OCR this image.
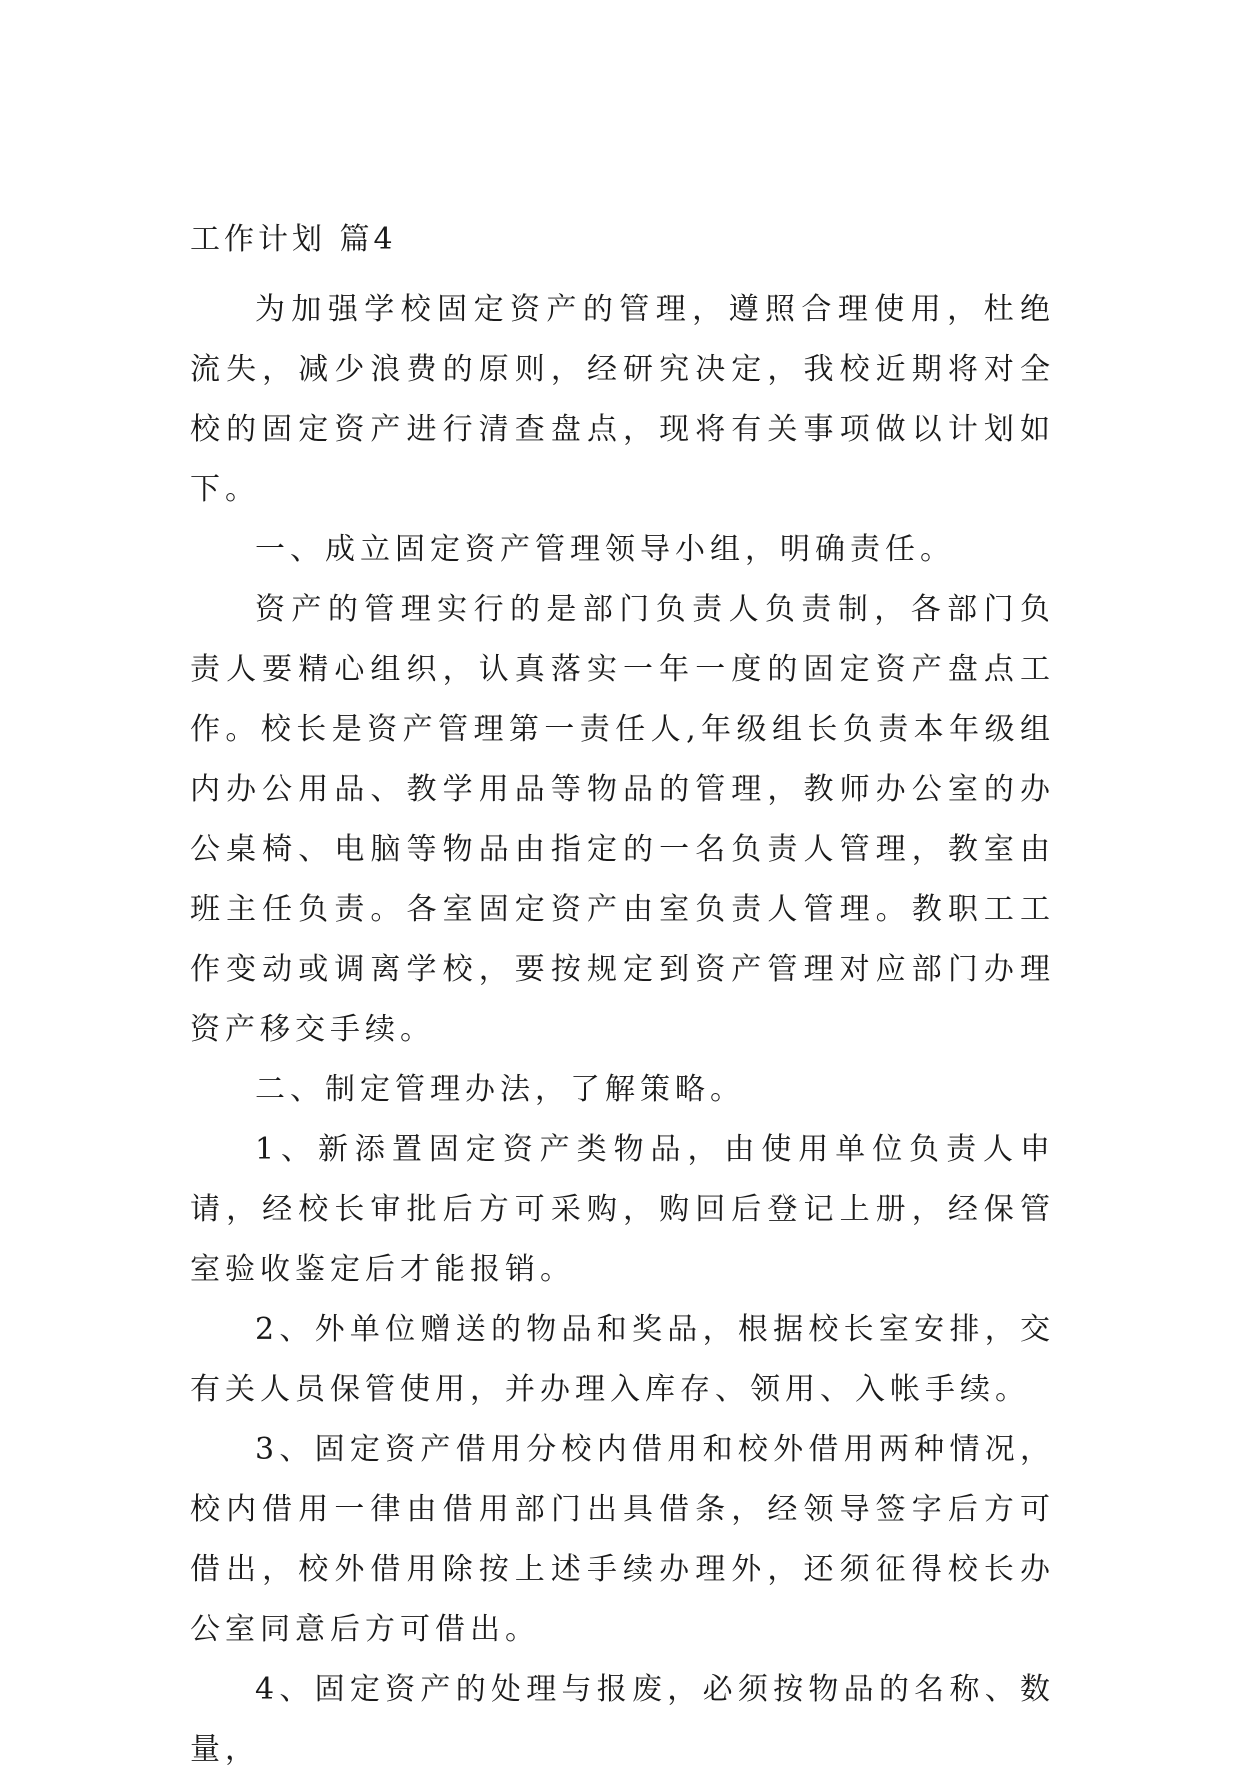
工作计划 篇4

为加强学校固定资产的管理，遵照合理使用，杜绝流失，减少浪费的原则，经研究决定，我校近期将对全校的固定资产进行清查盘点，现将有关事项做以计划如下。

一、成立固定资产管理领导小组，明确责任。

资产的管理实行的是部门负责人负责制，各部门负责人要精心组织，认真落实一年一度的固定资产盘点工作。校长是资产管理第一责任人,年级组长负责本年级组内办公用品、教学用品等物品的管理，教师办公室的办公桌椅、电脑等物品由指定的一名负责人管理，教室由班主任负责。各室固定资产由室负责人管理。教职工工作变动或调离学校，要按规定到资产管理对应部门办理资产移交手续。

二、制定管理办法，了解策略。

1、新添置固定资产类物品，由使用单位负责人申请，经校长审批后方可采购，购回后登记上册，经保管室验收鉴定后才能报销。

2、外单位赠送的物品和奖品，根据校长室安排，交有关人员保管使用，并办理入库存、领用、入帐手续。

3、固定资产借用分校内借用和校外借用两种情况，校内借用一律由借用部门出具借条，经领导签字后方可借出，校外借用除按上述手续办理外，还须征得校长办公室同意后方可借出。

4、固定资产的处理与报废，必须按物品的名称、数量，
